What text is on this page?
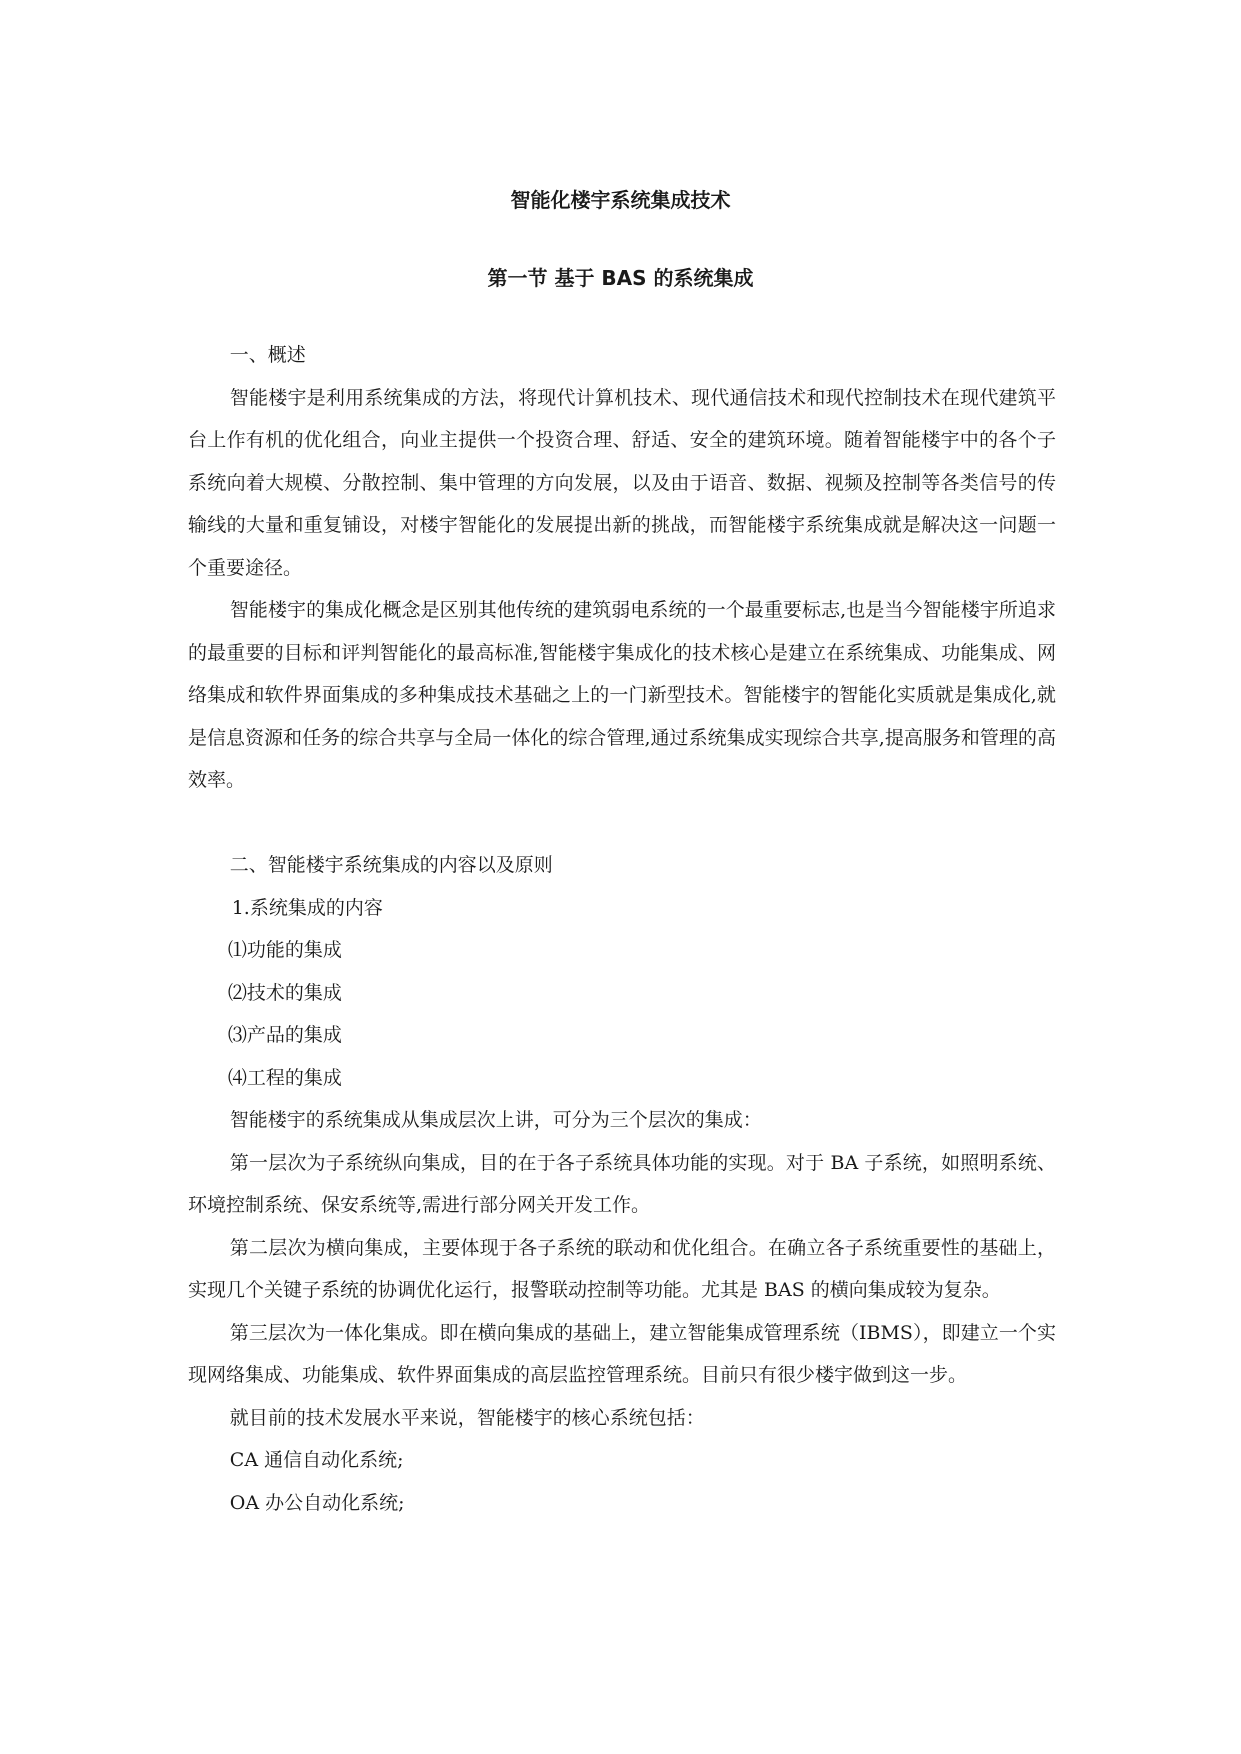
智能化楼宇系统集成技术
第一节 基于 BAS 的系统集成

一、概述

智能楼宇是利用系统集成的方法，将现代计算机技术、现代通信技术和现代控制技术在现代建筑平台上作有机的优化组合，向业主提供一个投资合理、舒适、安全的建筑环境。随着智能楼宇中的各个子系统向着大规模、分散控制、集中管理的方向发展，以及由于语音、数据、视频及控制等各类信号的传输线的大量和重复铺设，对楼宇智能化的发展提出新的挑战，而智能楼宇系统集成就是解决这一问题一个重要途径。

智能楼宇的集成化概念是区别其他传统的建筑弱电系统的一个最重要标志,也是当今智能楼宇所追求的最重要的目标和评判智能化的最高标准,智能楼宇集成化的技术核心是建立在系统集成、功能集成、网络集成和软件界面集成的多种集成技术基础之上的一门新型技术。智能楼宇的智能化实质就是集成化,就是信息资源和任务的综合共享与全局一体化的综合管理,通过系统集成实现综合共享,提高服务和管理的高效率。

二、智能楼宇系统集成的内容以及原则

1.系统集成的内容

⑴功能的集成

⑵技术的集成

⑶产品的集成

⑷工程的集成

智能楼宇的系统集成从集成层次上讲，可分为三个层次的集成：

第一层次为子系统纵向集成，目的在于各子系统具体功能的实现。对于 BA 子系统，如照明系统、环境控制系统、保安系统等,需进行部分网关开发工作。

第二层次为横向集成，主要体现于各子系统的联动和优化组合。在确立各子系统重要性的基础上，实现几个关键子系统的协调优化运行，报警联动控制等功能。尤其是 BAS 的横向集成较为复杂。

第三层次为一体化集成。即在横向集成的基础上，建立智能集成管理系统（IBMS），即建立一个实现网络集成、功能集成、软件界面集成的高层监控管理系统。目前只有很少楼宇做到这一步。

就目前的技术发展水平来说，智能楼宇的核心系统包括：

CA 通信自动化系统;

OA 办公自动化系统;
